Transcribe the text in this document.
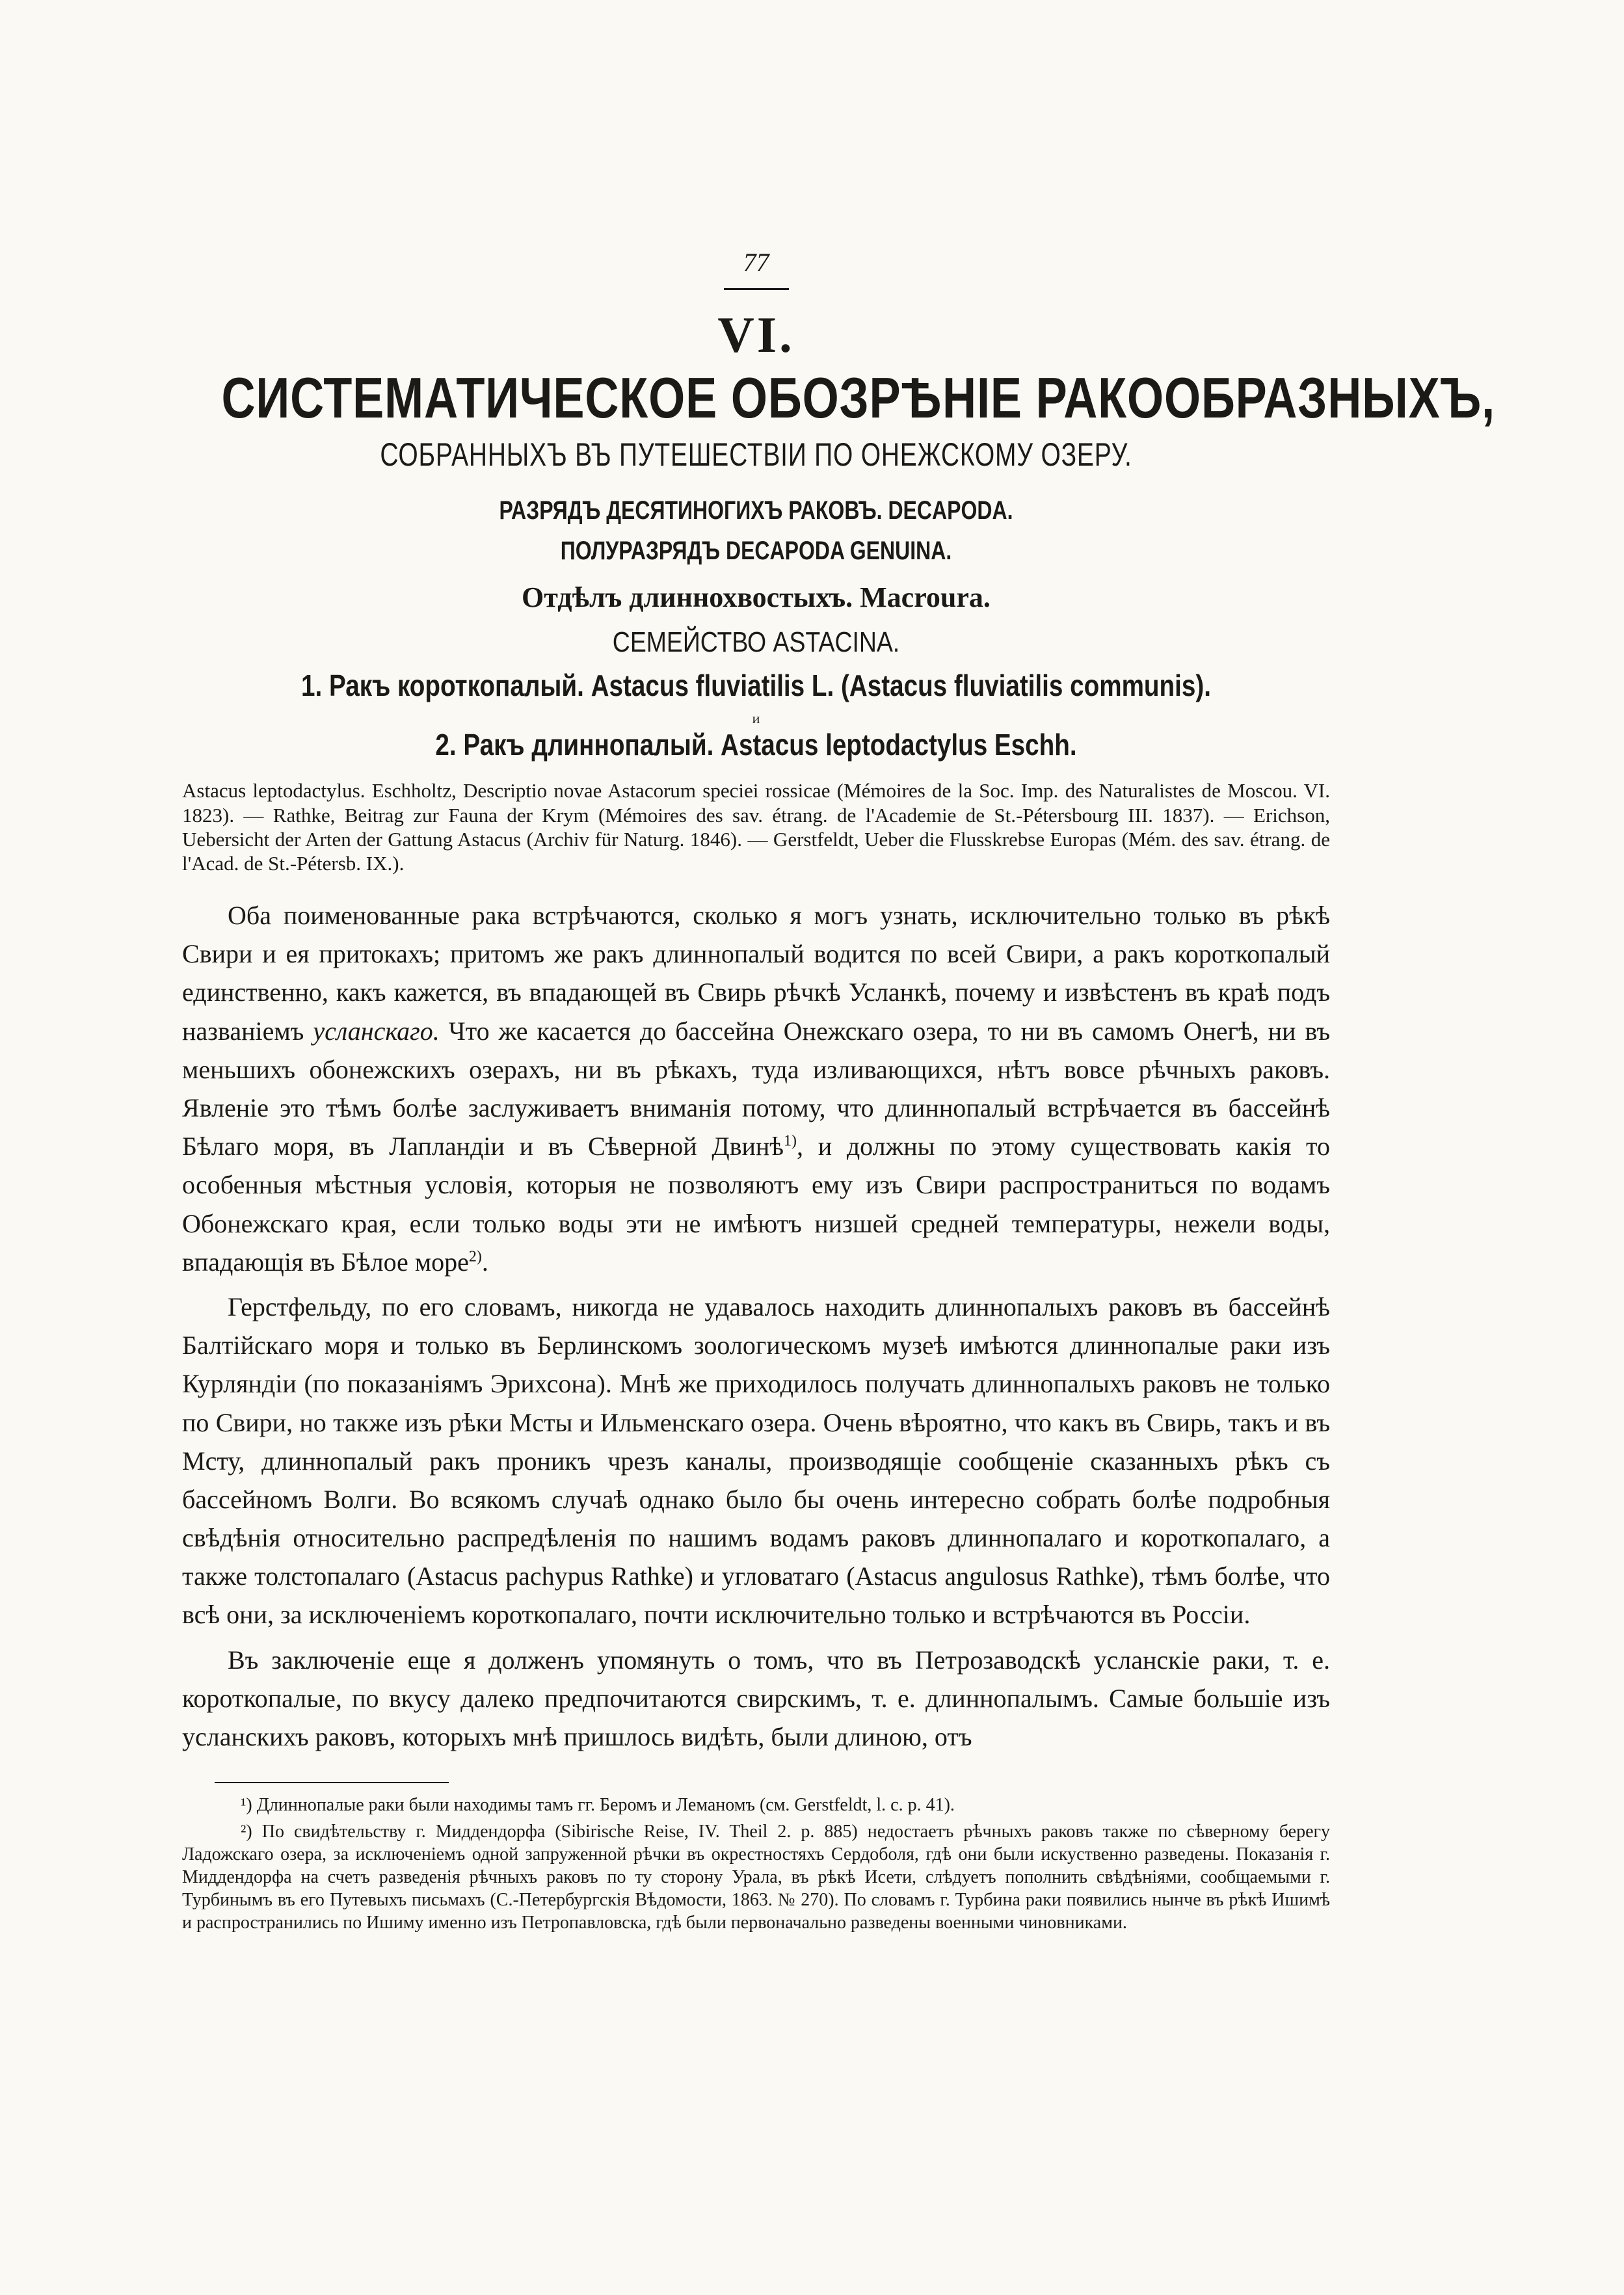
77
VI.
СИСТЕМАТИЧЕСКОЕ ОБОЗРѢНІЕ РАКООБРАЗНЫХЪ,
СОБРАННЫХЪ ВЪ ПУТЕШЕСТВІИ ПО ОНЕЖСКОМУ ОЗЕРУ.
РАЗРЯДЪ ДЕСЯТИНОГИХЪ РАКОВЪ. DECAPODA.
ПОЛУРАЗРЯДЪ DECAPODA GENUINA.
Отдѣлъ длиннохвостыхъ. Macroura.
СЕМЕЙСТВО ASTACINA.
1. Ракъ короткопалый. Astacus fluviatilis L. (Astacus fluviatilis communis).
и
2. Ракъ длиннопалый. Astacus leptodactylus Eschh.
Astacus leptodactylus. Eschholtz, Descriptio novae Astacorum speciei rossicae (Mémoires de la Soc. Imp. des Naturalistes de Moscou. VI. 1823). — Rathke, Beitrag zur Fauna der Krym (Mémoires des sav. étrang. de l'Academie de St.-Pétersbourg III. 1837). — Erichson, Uebersicht der Arten der Gattung Astacus (Archiv für Naturg. 1846). — Gerstfeldt, Ueber die Flusskrebse Europas (Mém. des sav. étrang. de l'Acad. de St.-Pétersb. IX.).

Оба поименованные рака встрѣчаются, сколько я могъ узнать, исключительно только въ рѣкѣ Свири и ея притокахъ; притомъ же ракъ длиннопалый водится по всей Свири, а ракъ короткопалый единственно, какъ кажется, въ впадающей въ Свирь рѣчкѣ Усланкѣ, почему и извѣстенъ въ краѣ подъ названіемъ усланскаго. Что же касается до бассейна Онежскаго озера, то ни въ самомъ Онегѣ, ни въ меньшихъ обонежскихъ озерахъ, ни въ рѣкахъ, туда изливающихся, нѣтъ вовсе рѣчныхъ раковъ. Явленіе это тѣмъ болѣе заслуживаетъ вниманія потому, что длиннопалый встрѣчается въ бассейнѣ Бѣлаго моря, въ Лапландіи и въ Сѣверной Двинѣ$^{1)}$, и должны по этому существовать какія то особенныя мѣстныя условія, которыя не позволяютъ ему изъ Свири распространиться по водамъ Обонежскаго края, если только воды эти не имѣютъ низшей средней температуры, нежели воды, впадающія въ Бѣлое море$^{2)}$.

Герстфельду, по его словамъ, никогда не удавалось находить длиннопалыхъ раковъ въ бассейнѣ Балтійскаго моря и только въ Берлинскомъ зоологическомъ музеѣ имѣются длиннопалые раки изъ Курляндіи (по показаніямъ Эрихсона). Мнѣ же приходилось получать длиннопалыхъ раковъ не только по Свири, но также изъ рѣки Мсты и Ильменскаго озера. Очень вѣроятно, что какъ въ Свирь, такъ и въ Мсту, длиннопалый ракъ проникъ чрезъ каналы, производящіе сообщеніе сказанныхъ рѣкъ съ бассейномъ Волги. Во всякомъ случаѣ однако было бы очень интересно собрать болѣе подробныя свѣдѣнія относительно распредѣленія по нашимъ водамъ раковъ длиннопалаго и короткопалаго, а также толстопалаго (Astacus pachypus Rathke) и угловатаго (Astacus angulosus Rathke), тѣмъ болѣе, что всѣ они, за исключеніемъ короткопалаго, почти исключительно только и встрѣчаются въ Россіи.

Въ заключеніе еще я долженъ упомянуть о томъ, что въ Петрозаводскѣ усланскіе раки, т. е. короткопалые, по вкусу далеко предпочитаются свирскимъ, т. е. длиннопалымъ. Самые большіе изъ усланскихъ раковъ, которыхъ мнѣ пришлось видѣть, были длиною, отъ

¹) Длиннопалые раки были находимы тамъ гг. Беромъ и Леманомъ (см. Gerstfeldt, l. c. p. 41).

²) По свидѣтельству г. Миддендорфа (Sibirische Reise, IV. Theil 2. p. 885) недостаетъ рѣчныхъ раковъ также по сѣверному берегу Ладожскаго озера, за исключеніемъ одной запруженной рѣчки въ окрестностяхъ Сердоболя, гдѣ они были искуственно разведены. Показанія г. Миддендорфа на счетъ разведенія рѣчныхъ раковъ по ту сторону Урала, въ рѣкѣ Исети, слѣдуетъ пополнить свѣдѣніями, сообщаемыми г. Турбинымъ въ его Путевыхъ письмахъ (С.-Петербургскія Вѣдомости, 1863. № 270). По словамъ г. Турбина раки появились нынче въ рѣкѣ Ишимѣ и распространились по Ишиму именно изъ Петропавловска, гдѣ были первоначально разведены военными чиновниками.
